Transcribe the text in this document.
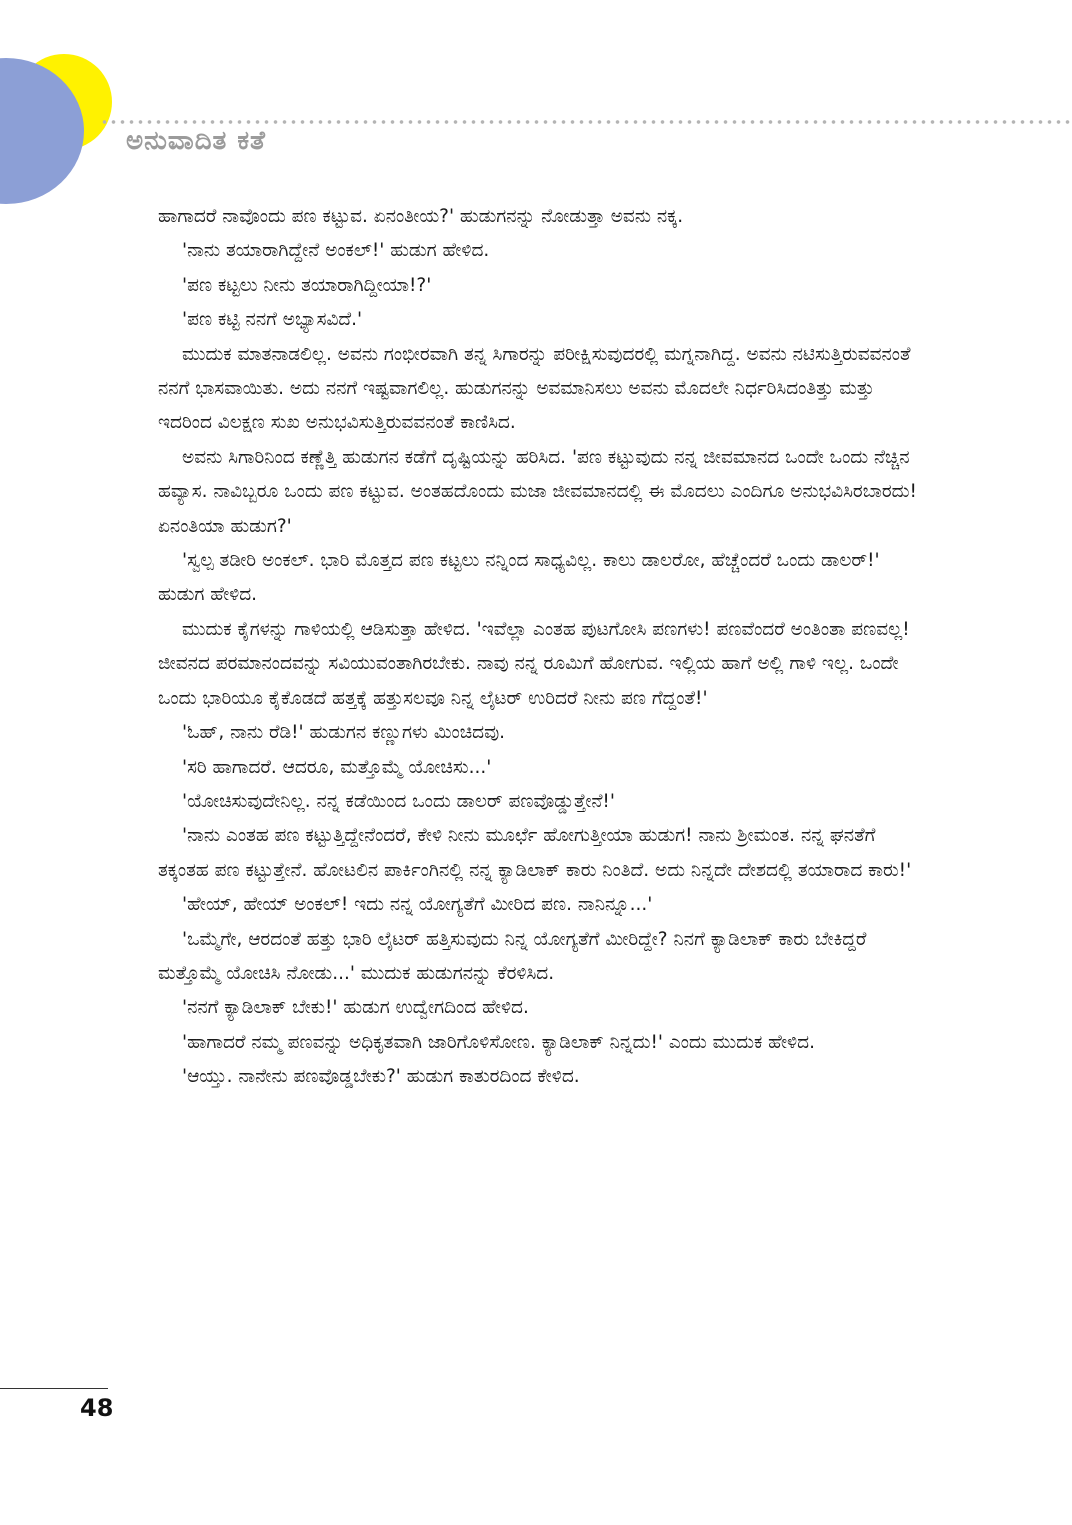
ಅನುವಾದಿತ ಕತೆ

ಹಾಗಾದರೆ ನಾವೊಂದು ಪಣ ಕಟ್ಟುವ. ಏನಂತೀಯ?' ಹುಡುಗನನ್ನು ನೋಡುತ್ತಾ ಅವನು ನಕ್ಕ.

'ನಾನು ತಯಾರಾಗಿದ್ದೇನೆ ಅಂಕಲ್!' ಹುಡುಗ ಹೇಳಿದ.

'ಪಣ ಕಟ್ಟಲು ನೀನು ತಯಾರಾಗಿದ್ದೀಯಾ!?'

'ಪಣ ಕಟ್ಟಿ ನನಗೆ ಅಭ್ಯಾಸವಿದೆ.'

ಮುದುಕ ಮಾತನಾಡಲಿಲ್ಲ. ಅವನು ಗಂಭೀರವಾಗಿ ತನ್ನ ಸಿಗಾರನ್ನು ಪರೀಕ್ಷಿಸುವುದರಲ್ಲಿ ಮಗ್ನನಾಗಿದ್ದ. ಅವನು ನಟಿಸುತ್ತಿರುವವನಂತೆ ನನಗೆ ಭಾಸವಾಯಿತು. ಅದು ನನಗೆ ಇಷ್ಟವಾಗಲಿಲ್ಲ. ಹುಡುಗನನ್ನು ಅವಮಾನಿಸಲು ಅವನು ಮೊದಲೇ ನಿರ್ಧರಿಸಿದಂತಿತ್ತು ಮತ್ತು ಇದರಿಂದ ವಿಲಕ್ಷಣ ಸುಖ ಅನುಭವಿಸುತ್ತಿರುವವನಂತೆ ಕಾಣಿಸಿದ.

ಅವನು ಸಿಗಾರಿನಿಂದ ಕಣ್ಣೆತ್ತಿ ಹುಡುಗನ ಕಡೆಗೆ ದೃಷ್ಟಿಯನ್ನು ಹರಿಸಿದ. 'ಪಣ ಕಟ್ಟುವುದು ನನ್ನ ಜೀವಮಾನದ ಒಂದೇ ಒಂದು ನೆಚ್ಚಿನ ಹವ್ಯಾಸ. ನಾವಿಬ್ಬರೂ ಒಂದು ಪಣ ಕಟ್ಟುವ. ಅಂತಹದೊಂದು ಮಜಾ ಜೀವಮಾನದಲ್ಲಿ ಈ ಮೊದಲು ಎಂದಿಗೂ ಅನುಭವಿಸಿರಬಾರದು! ಏನಂತಿಯಾ ಹುಡುಗ?'

'ಸ್ವಲ್ಪ ತಡೀರಿ ಅಂಕಲ್. ಭಾರಿ ಮೊತ್ತದ ಪಣ ಕಟ್ಟಲು ನನ್ನಿಂದ ಸಾಧ್ಯವಿಲ್ಲ. ಕಾಲು ಡಾಲರೋ, ಹೆಚ್ಚೆಂದರೆ ಒಂದು ಡಾಲರ್!' ಹುಡುಗ ಹೇಳಿದ.

ಮುದುಕ ಕೈಗಳನ್ನು ಗಾಳಿಯಲ್ಲಿ ಆಡಿಸುತ್ತಾ ಹೇಳಿದ. 'ಇವೆಲ್ಲಾ ಎಂತಹ ಪುಟಗೋಸಿ ಪಣಗಳು! ಪಣವೆಂದರೆ ಅಂತಿಂತಾ ಪಣವಲ್ಲ! ಜೀವನದ ಪರಮಾನಂದವನ್ನು ಸವಿಯುವಂತಾಗಿರಬೇಕು. ನಾವು ನನ್ನ ರೂಮಿಗೆ ಹೋಗುವ. ಇಲ್ಲಿಯ ಹಾಗೆ ಅಲ್ಲಿ ಗಾಳಿ ಇಲ್ಲ. ಒಂದೇ ಒಂದು ಭಾರಿಯೂ ಕೈಕೊಡದೆ ಹತ್ತಕ್ಕೆ ಹತ್ತುಸಲವೂ ನಿನ್ನ ಲೈಟರ್ ಉರಿದರೆ ನೀನು ಪಣ ಗೆದ್ದಂತೆ!'

'ಓಹ್, ನಾನು ರೆಡಿ!' ಹುಡುಗನ ಕಣ್ಣುಗಳು ಮಿಂಚಿದವು.

'ಸರಿ ಹಾಗಾದರೆ. ಆದರೂ, ಮತ್ತೊಮ್ಮೆ ಯೋಚಿಸು...'

'ಯೋಚಿಸುವುದೇನಿಲ್ಲ. ನನ್ನ ಕಡೆಯಿಂದ ಒಂದು ಡಾಲರ್ ಪಣವೊಡ್ಡುತ್ತೇನೆ!'

'ನಾನು ಎಂತಹ ಪಣ ಕಟ್ಟುತ್ತಿದ್ದೇನೆಂದರೆ, ಕೇಳಿ ನೀನು ಮೂರ್ಛೆ ಹೋಗುತ್ತೀಯಾ ಹುಡುಗ! ನಾನು ಶ್ರೀಮಂತ. ನನ್ನ ಘನತೆಗೆ ತಕ್ಕಂತಹ ಪಣ ಕಟ್ಟುತ್ತೇನೆ. ಹೋಟಲಿನ ಪಾರ್ಕಿಂಗಿನಲ್ಲಿ ನನ್ನ ಕ್ಯಾಡಿಲಾಕ್ ಕಾರು ನಿಂತಿದೆ. ಅದು ನಿನ್ನದೇ ದೇಶದಲ್ಲಿ ತಯಾರಾದ ಕಾರು!'

'ಹೇಯ್, ಹೇಯ್ ಅಂಕಲ್! ಇದು ನನ್ನ ಯೋಗ್ಯತೆಗೆ ಮೀರಿದ ಪಣ. ನಾನಿನ್ನೂ...'

'ಒಮ್ಮೆಗೇ, ಆರದಂತೆ ಹತ್ತು ಭಾರಿ ಲೈಟರ್ ಹತ್ತಿಸುವುದು ನಿನ್ನ ಯೋಗ್ಯತೆಗೆ ಮೀರಿದ್ದೇ? ನಿನಗೆ ಕ್ಯಾಡಿಲಾಕ್ ಕಾರು ಬೇಕಿದ್ದರೆ ಮತ್ತೊಮ್ಮೆ ಯೋಚಿಸಿ ನೋಡು...' ಮುದುಕ ಹುಡುಗನನ್ನು ಕೆರಳಿಸಿದ.

'ನನಗೆ ಕ್ಯಾಡಿಲಾಕ್ ಬೇಕು!' ಹುಡುಗ ಉದ್ವೇಗದಿಂದ ಹೇಳಿದ.

'ಹಾಗಾದರೆ ನಮ್ಮ ಪಣವನ್ನು ಅಧಿಕೃತವಾಗಿ ಜಾರಿಗೊಳಿಸೋಣ. ಕ್ಯಾಡಿಲಾಕ್ ನಿನ್ನದು!' ಎಂದು ಮುದುಕ ಹೇಳಿದ.

'ಆಯ್ತು. ನಾನೇನು ಪಣವೊಡ್ಡಬೇಕು?' ಹುಡುಗ ಕಾತುರದಿಂದ ಕೇಳಿದ.

48
